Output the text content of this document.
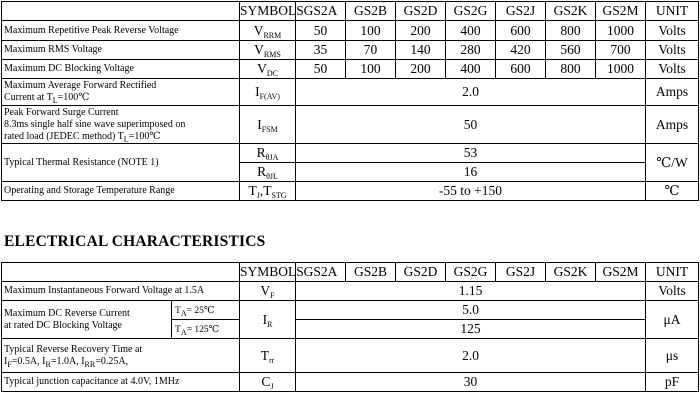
	SYMBOLS	GS2A	GS2B	GS2D	GS2G	GS2J	GS2K	GS2M	UNIT
Maximum Repetitive Peak Reverse Voltage	$V_{RRM}$	50	100	200	400	600	800	1000	Volts
Maximum RMS Voltage	$V_{RMS}$	35	70	140	280	420	560	700	Volts
Maximum DC Blocking Voltage	$V_{DC}$	50	100	200	400	600	800	1000	Volts
Maximum Average Forward Rectified
Current at $T_L=100℃$	$I_{F(AV)}$	2.0							Amps
Peak Forward Surge Current
8.3ms single half sine wave superimposed on
rated load (JEDEC method) $T_L=100℃$	$I_{FSM}$	50							Amps
Typical Thermal Resistance (NOTE 1)	$R_{\theta JA}$	53							℃/W
	$R_{\theta JL}$	16							
Operating and Storage Temperature Range	$T_J,T_{STG}$	-55 to +150							℃
ELECTRICAL CHARACTERISTICS
		SYMBOLS	GS2A	GS2B	GS2D	GS2G	GS2J	GS2K	GS2M	UNIT
Maximum Instantaneous Forward Voltage at 1.5A		$V_F$	1.15							Volts
Maximum DC Reverse Current
at rated DC Blocking Voltage	$T_A=$ 25℃	$I_R$	5.0							μA
	$T_A=$ 125℃		125							
Typical Reverse Recovery Time at
$I_F=0.5A$, $I_R=1.0A$, $I_{RR}=0.25A$,		$T_{rr}$	2.0							μs
Typical junction capacitance at 4.0V, 1MHz		$C_J$	30							pF
